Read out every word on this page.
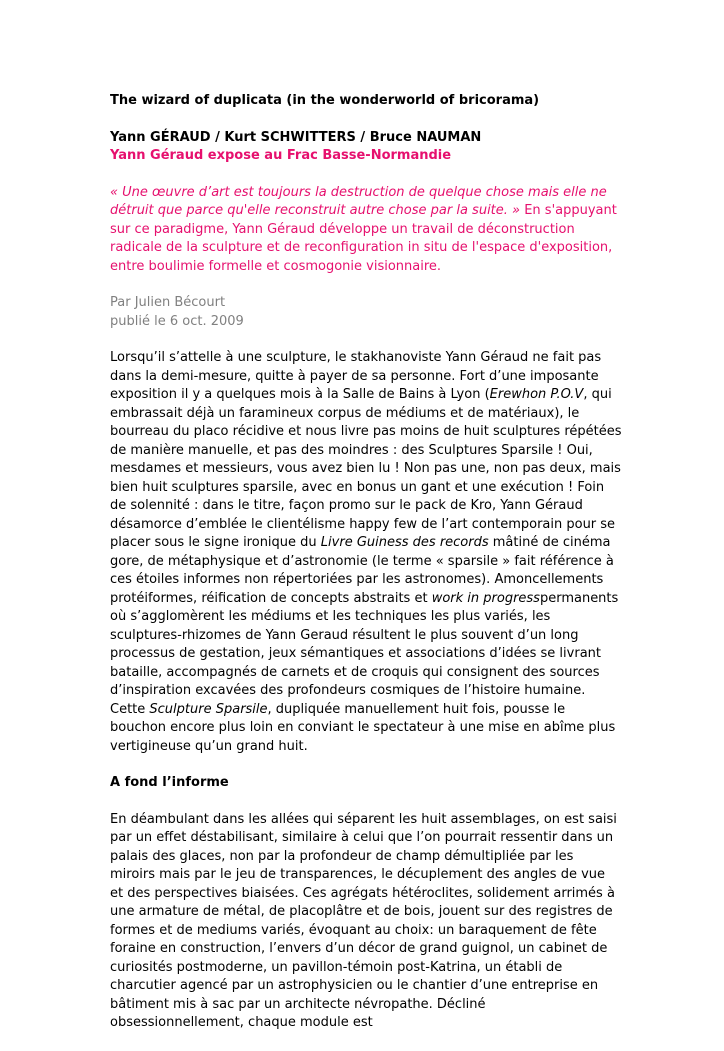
The wizard of duplicata (in the wonderworld of bricorama)
Yann GÉRAUD / Kurt SCHWITTERS / Bruce NAUMAN
Yann Géraud expose au Frac Basse-Normandie
« Une œuvre d’art est toujours la destruction de quelque chose mais elle ne détruit que parce qu'elle reconstruit autre chose par la suite. » En s'appuyant sur ce paradigme, Yann Géraud développe un travail de déconstruction radicale de la sculpture et de reconfiguration in situ de l'espace d'exposition, entre boulimie formelle et cosmogonie visionnaire.
Par Julien Bécourt
publié le 6 oct. 2009

Lorsqu’il s’attelle à une sculpture, le stakhanoviste Yann Géraud ne fait pas dans la demi-mesure, quitte à payer de sa personne. Fort d’une imposante exposition il y a quelques mois à la Salle de Bains à Lyon (Erewhon P.O.V, qui embrassait déjà un faramineux corpus de médiums et de matériaux), le bourreau du placo récidive et nous livre pas moins de huit sculptures répétées de manière manuelle, et pas des moindres : des Sculptures Sparsile ! Oui, mesdames et messieurs, vous avez bien lu ! Non pas une, non pas deux, mais bien huit sculptures sparsile, avec en bonus un gant et une exécution ! Foin de solennité : dans le titre, façon promo sur le pack de Kro, Yann Géraud désamorce d’emblée le clientélisme happy few de l’art contemporain pour se placer sous le signe ironique du Livre Guiness des records mâtiné de cinéma gore, de métaphysique et d’astronomie (le terme « sparsile » fait référence à ces étoiles informes non répertoriées par les astronomes). Amoncellements protéiformes, réification de concepts abstraits et work in progresspermanents où s’agglomèrent les médiums et les techniques les plus variés, les sculptures-rhizomes de Yann Geraud résultent le plus souvent d’un long processus de gestation, jeux sémantiques et associations d’idées se livrant bataille, accompagnés de carnets et de croquis qui consignent des sources d’inspiration excavées des profondeurs cosmiques de l’histoire humaine. Cette Sculpture Sparsile, dupliquée manuellement huit fois, pousse le bouchon encore plus loin en conviant le spectateur à une mise en abîme plus vertigineuse qu’un grand huit.

A fond l’informe

En déambulant dans les allées qui séparent les huit assemblages, on est saisi par un effet déstabilisant, similaire à celui que l’on pourrait ressentir dans un palais des glaces, non par la profondeur de champ démultipliée par les miroirs mais par le jeu de transparences, le décuplement des angles de vue et des perspectives biaisées. Ces agrégats hétéroclites, solidement arrimés à une armature de métal, de placoplâtre et de bois, jouent sur des registres de formes et de mediums variés, évoquant au choix: un baraquement de fête foraine en construction, l’envers d’un décor de grand guignol, un cabinet de curiosités postmoderne, un pavillon-témoin post-Katrina, un établi de charcutier agencé par un astrophysicien ou le chantier d’une entreprise en bâtiment mis à sac par un architecte névropathe. Décliné obsessionnellement, chaque module est
